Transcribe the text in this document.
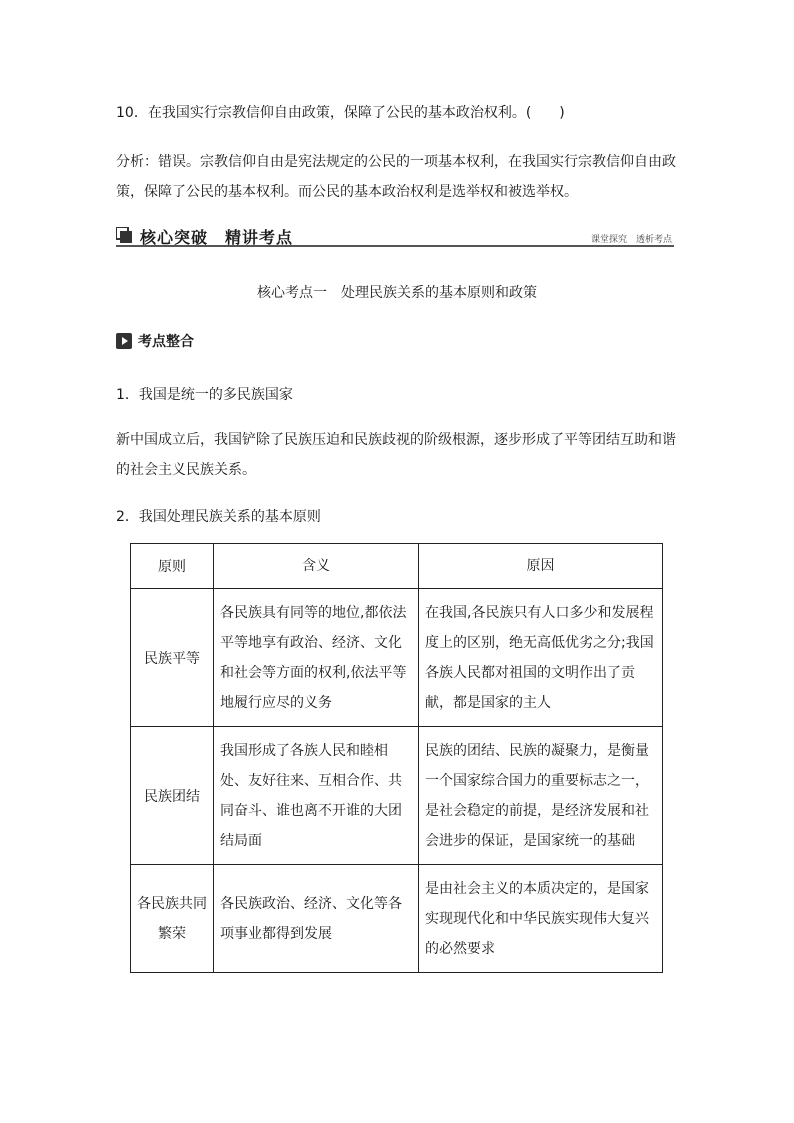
10．在我国实行宗教信仰自由政策，保障了公民的基本政治权利。(　　)
分析：错误。宗教信仰自由是宪法规定的公民的一项基本权利，在我国实行宗教信仰自由政策，保障了公民的基本权利。而公民的基本政治权利是选举权和被选举权。
核心突破　精讲考点	课堂探究　透析考点
核心考点一　处理民族关系的基本原则和政策
考点整合
1．我国是统一的多民族国家
新中国成立后，我国铲除了民族压迫和民族歧视的阶级根源，逐步形成了平等团结互助和谐的社会主义民族关系。
2．我国处理民族关系的基本原则
原则	含义	原因
民族平等	各民族具有同等的地位,都依法平等地享有政治、经济、文化和社会等方面的权利,依法平等地履行应尽的义务	在我国,各民族只有人口多少和发展程度上的区别，绝无高低优劣之分;我国各族人民都对祖国的文明作出了贡献，都是国家的主人
民族团结	我国形成了各族人民和睦相处、友好往来、互相合作、共同奋斗、谁也离不开谁的大团结局面	民族的团结、民族的凝聚力，是衡量一个国家综合国力的重要标志之一，是社会稳定的前提，是经济发展和社会进步的保证，是国家统一的基础
各民族共同繁荣	各民族政治、经济、文化等各项事业都得到发展	是由社会主义的本质决定的，是国家实现现代化和中华民族实现伟大复兴的必然要求
